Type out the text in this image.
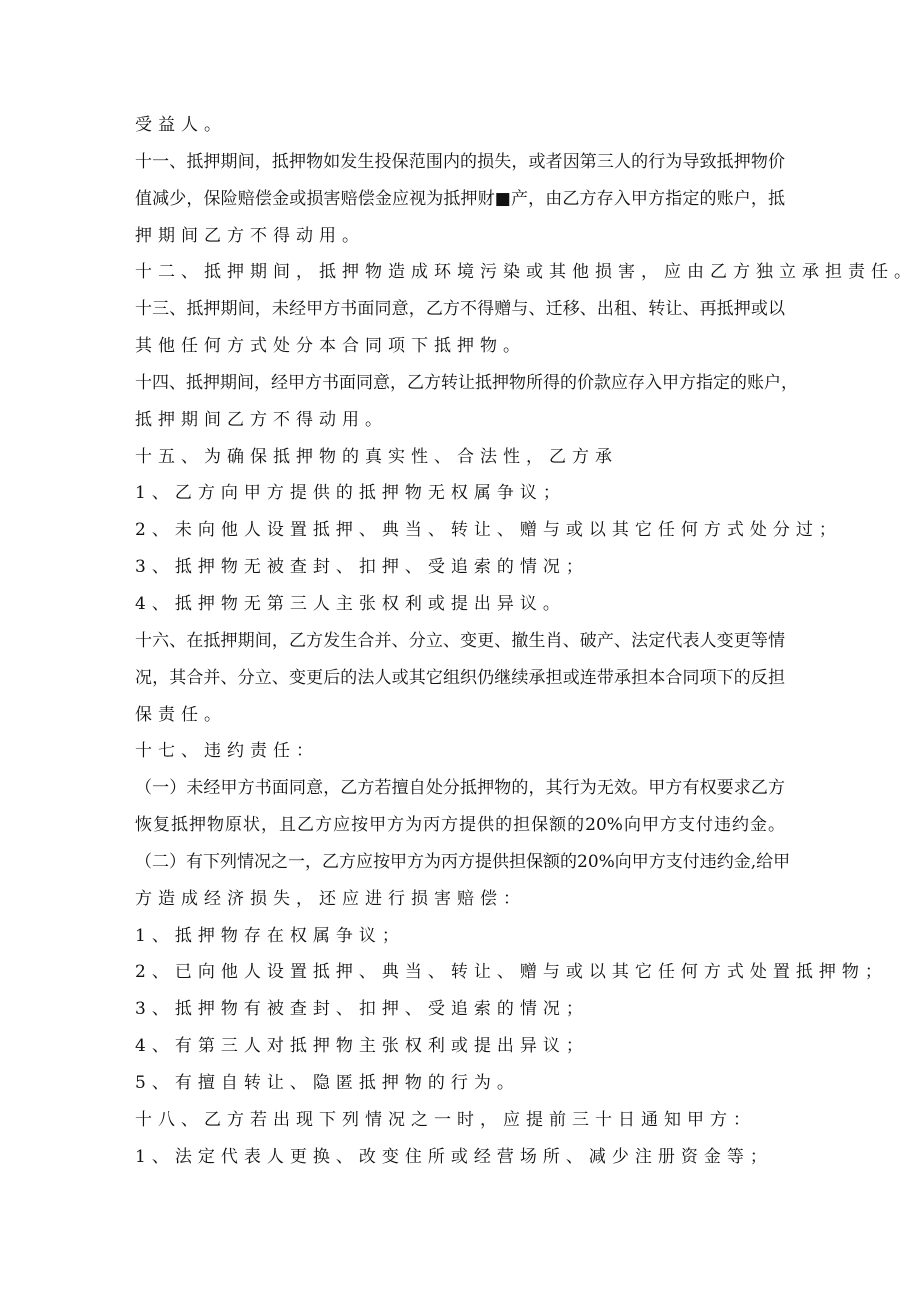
受益人。
十一、抵押期间，抵押物如发生投保范围内的损失，或者因第三人的行为导致抵押物价
值减少，保险赔偿金或损害赔偿金应视为抵押财■产，由乙方存入甲方指定的账户，抵
押期间乙方不得动用。
十二、抵押期间，抵押物造成环境污染或其他损害，应由乙方独立承担责任。
十三、抵押期间，未经甲方书面同意，乙方不得赠与、迁移、出租、转让、再抵押或以
其他任何方式处分本合同项下抵押物。
十四、抵押期间，经甲方书面同意，乙方转让抵押物所得的价款应存入甲方指定的账户，
抵押期间乙方不得动用。
十五、为确保抵押物的真实性、合法性，乙方承
1、乙方向甲方提供的抵押物无权属争议；
2、未向他人设置抵押、典当、转让、赠与或以其它任何方式处分过；
3、抵押物无被查封、扣押、受追索的情况；
4、抵押物无第三人主张权利或提出异议。
十六、在抵押期间，乙方发生合并、分立、变更、撤生肖、破产、法定代表人变更等情
况，其合并、分立、变更后的法人或其它组织仍继续承担或连带承担本合同项下的反担
保责任。
十七、违约责任：
（一）未经甲方书面同意，乙方若擅自处分抵押物的，其行为无效。甲方有权要求乙方
恢复抵押物原状，且乙方应按甲方为丙方提供的担保额的20%向甲方支付违约金。
（二）有下列情况之一，乙方应按甲方为丙方提供担保额的20%向甲方支付违约金,给甲
方造成经济损失，还应进行损害赔偿：
1、抵押物存在权属争议；
2、已向他人设置抵押、典当、转让、赠与或以其它任何方式处置抵押物；
3、抵押物有被查封、扣押、受追索的情况；
4、有第三人对抵押物主张权利或提出异议；
5、有擅自转让、隐匿抵押物的行为。
十八、乙方若出现下列情况之一时，应提前三十日通知甲方：
1、法定代表人更换、改变住所或经营场所、减少注册资金等；
